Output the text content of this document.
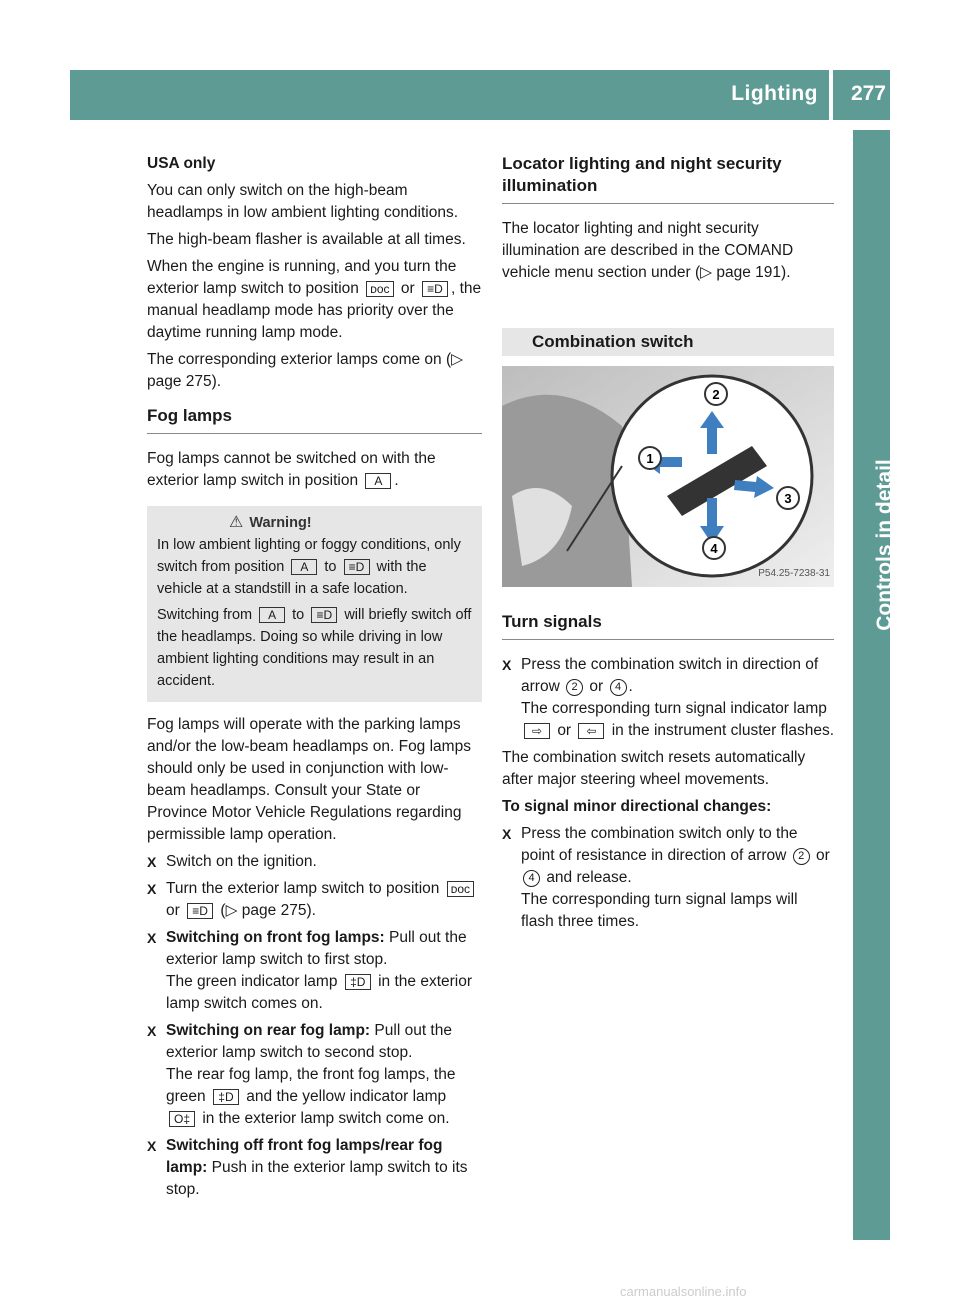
Lighting 277
Controls in detail

USA only

You can only switch on the high-beam headlamps in low ambient lighting conditions.

The high-beam flasher is available at all times.

When the engine is running, and you turn the exterior lamp switch to position ᴅᴏᴄ or ≡D , the manual headlamp mode has priority over the daytime running lamp mode.

The corresponding exterior lamps come on (▷ page 275).

Fog lamps

Fog lamps cannot be switched on with the exterior lamp switch in position A .

⚠ Warning!

In low ambient lighting or foggy conditions, only switch from position A to ≡D with the vehicle at a standstill in a safe location.

Switching from A to ≡D will briefly switch off the headlamps. Doing so while driving in low ambient lighting conditions may result in an accident.

Fog lamps will operate with the parking lamps and/or the low-beam headlamps on. Fog lamps should only be used in conjunction with low-beam headlamps. Consult your State or Province Motor Vehicle Regulations regarding permissible lamp operation.

X Switch on the ignition.
X Turn the exterior lamp switch to position ᴅᴏᴄ or ≡D (▷ page 275).
X Switching on front fog lamps: Pull out the exterior lamp switch to first stop.
The green indicator lamp ‡D in the exterior lamp switch comes on.
X Switching on rear fog lamp: Pull out the exterior lamp switch to second stop.
The rear fog lamp, the front fog lamps, the green ‡D and the yellow indicator lamp O‡ in the exterior lamp switch come on.
X Switching off front fog lamps/rear fog lamp: Push in the exterior lamp switch to its stop.
Locator lighting and night security illumination

The locator lighting and night security illumination are described in the COMAND vehicle menu section under (▷ page 191).

Combination switch
1
2
3
4
P54.25-7238-31
Turn signals
X Press the combination switch in direction of arrow 2 or 4 .
The corresponding turn signal indicator lamp ⇨ or ⇦ in the instrument cluster flashes.

The combination switch resets automatically after major steering wheel movements.

To signal minor directional changes:

X Press the combination switch only to the point of resistance in direction of arrow 2 or 4 and release.
The corresponding turn signal lamps will flash three times.
carmanualsonline.info
